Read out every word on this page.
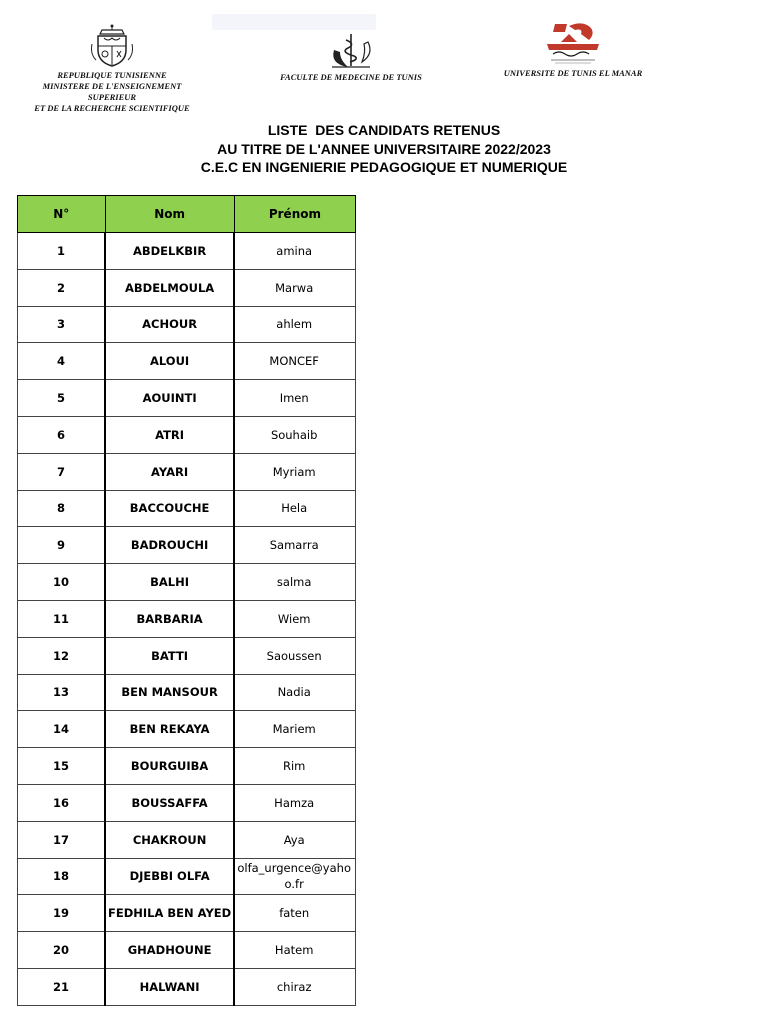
REPUBLIQUE TUNISIENNE
MINISTERE DE L'ENSEIGNEMENT SUPERIEUR
ET DE LA RECHERCHE SCIENTIFIQUE
FACULTE DE MEDECINE DE TUNIS	UNIVERSITE DE TUNIS EL MANAR
LISTE  DES CANDIDATS RETENUS
AU TITRE DE L'ANNEE UNIVERSITAIRE 2022/2023
C.E.C EN INGENIERIE PEDAGOGIQUE ET NUMERIQUE
N°	Nom	Prénom
1	ABDELKBIR	amina

2	ABDELMOULA	Marwa

3	ACHOUR	ahlem

4	ALOUI	MONCEF

5	AOUINTI	Imen

6	ATRI	Souhaib

7	AYARI	Myriam

8	BACCOUCHE	Hela

9	BADROUCHI	Samarra

10	BALHI	salma

11	BARBARIA	Wiem

12	BATTI	Saoussen

13	BEN MANSOUR	Nadia

14	BEN REKAYA	Mariem

15	BOURGUIBA	Rim

16	BOUSSAFFA	Hamza

17	CHAKROUN	Aya

18	DJEBBI OLFA	olfa_urgence@yahoo.fr

19	FEDHILA BEN AYED	faten

20	GHADHOUNE	Hatem

21	HALWANI	chiraz
